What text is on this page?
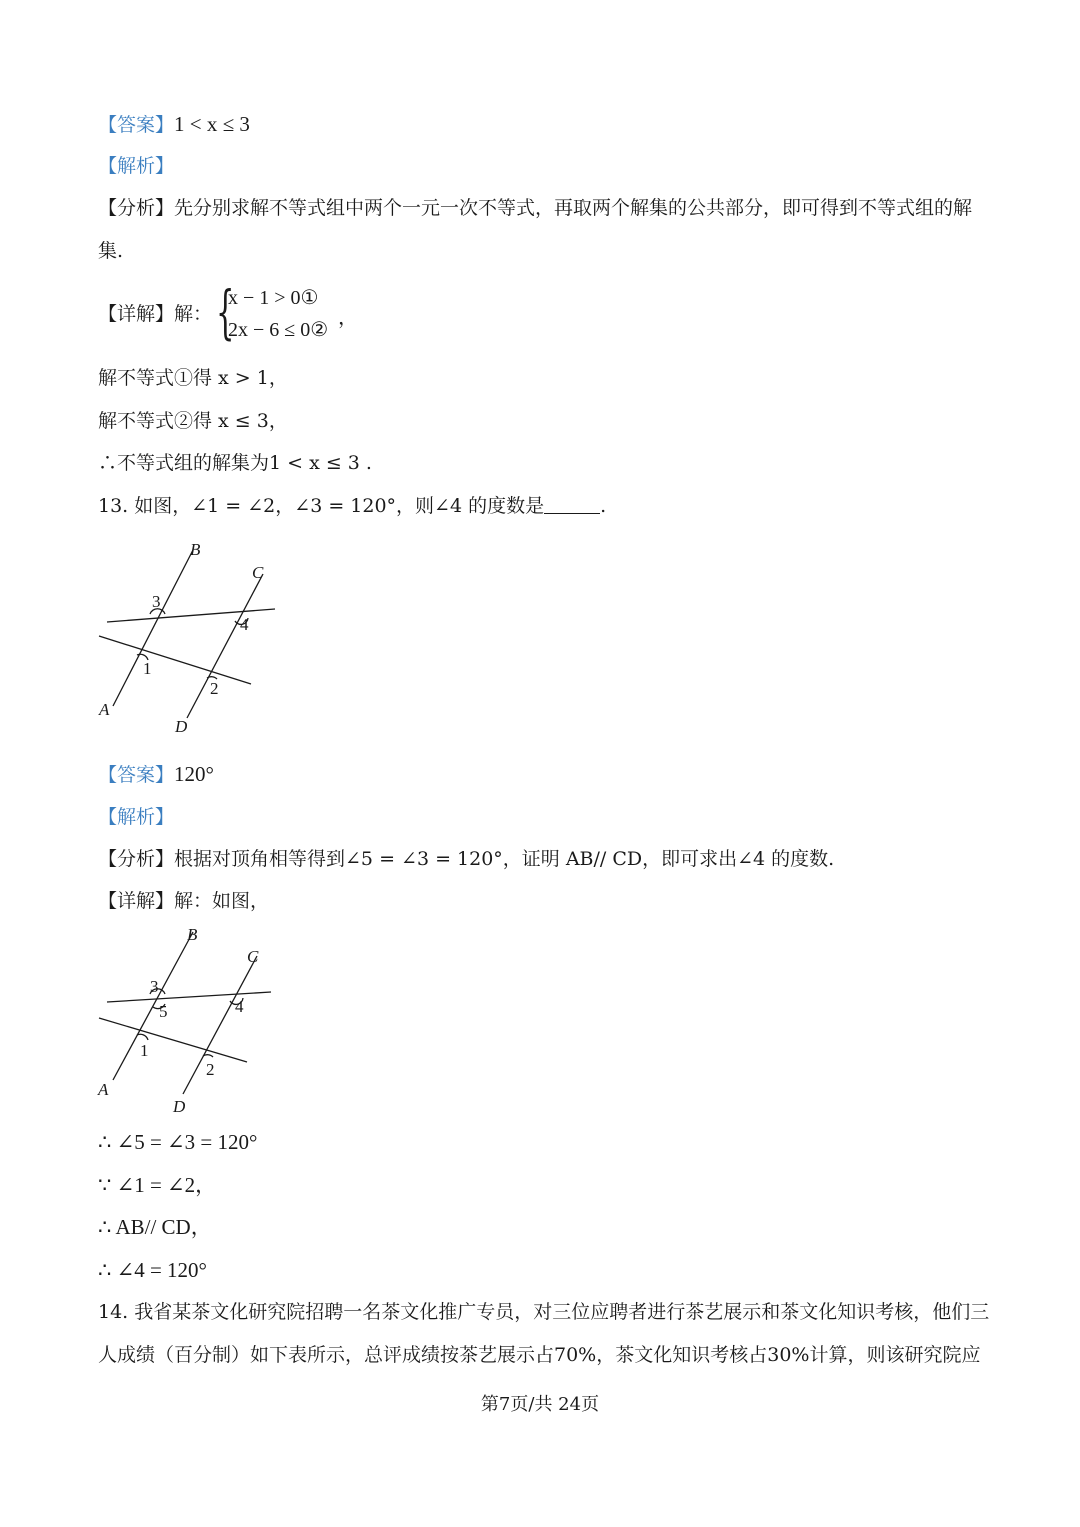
【答案】1 < x ≤ 3
【解析】
【分析】先分别求解不等式组中两个一元一次不等式，再取两个解集的公共部分，即可得到不等式组的解
集.
【详解】解： {
x − 1 > 0①
2x − 6 ≤ 0②
，
解不等式①得 x > 1，
解不等式②得 x ≤ 3，
∴不等式组的解集为1 < x ≤ 3 .
13. 如图，∠1 = ∠2，∠3 = 120°，则∠4 的度数是	.
B
C
A
D
3
4
1
2
【答案】120°
【解析】
【分析】根据对顶角相等得到∠5 = ∠3 = 120°，证明 AB// CD，即可求出∠4 的度数.
【详解】解：如图，
B
C
A
D
3
5	4
1
2
∴ ∠5 = ∠3 = 120°
∵ ∠1 = ∠2，
∴ AB// CD，
∴ ∠4 = 120°
14. 我省某茶文化研究院招聘一名茶文化推广专员，对三位应聘者进行茶艺展示和茶文化知识考核，他们三
人成绩（百分制）如下表所示，总评成绩按茶艺展示占70%，茶文化知识考核占30%计算，则该研究院应
第7页/共 24页
